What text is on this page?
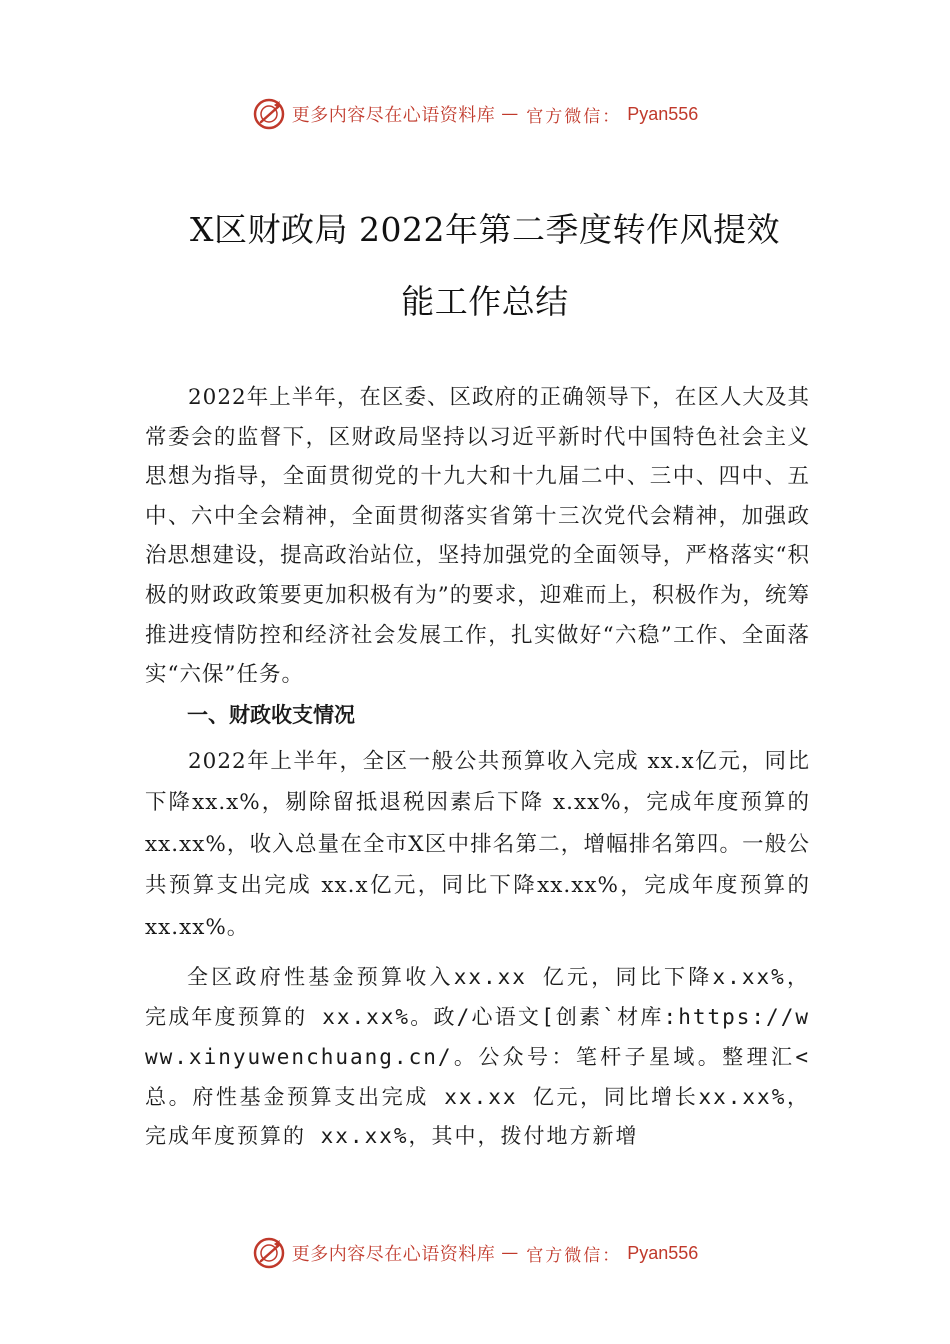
更多内容尽在心语资料库 — 官方微信： Pyan556
X区财政局 2022年第二季度转作风提效
能工作总结

2022年上半年，在区委、区政府的正确领导下，在区人大及其常委会的监督下，区财政局坚持以习近平新时代中国特色社会主义思想为指导，全面贯彻党的十九大和十九届二中、三中、四中、五中、六中全会精神，全面贯彻落实省第十三次党代会精神，加强政治思想建设，提高政治站位，坚持加强党的全面领导，严格落实“积极的财政政策要更加积极有为”的要求，迎难而上，积极作为，统筹推进疫情防控和经济社会发展工作，扎实做好“六稳”工作、全面落实“六保”任务。

一、财政收支情况

2022年上半年，全区一般公共预算收入完成 xx.x亿元，同比下降xx.x%，剔除留抵退税因素后下降 x.xx%，完成年度预算的xx.xx%，收入总量在全市X区中排名第二，增幅排名第四。一般公共预算支出完成 xx.x亿元，同比下降xx.xx%，完成年度预算的 xx.xx%。

全区政府性基金预算收入xx.xx 亿元，同比下降x.xx%， 完成年度预算的 xx.xx%。政/心语文[创素`材库:https://www.xinyuwenchuang.cn/。公众号：笔杆子星域。整理汇<总。府性基金预算支出完成 xx.xx 亿元，同比增长xx.xx%，完成年度预算的 xx.xx%，其中，拨付地方新增

更多内容尽在心语资料库 — 官方微信： Pyan556
